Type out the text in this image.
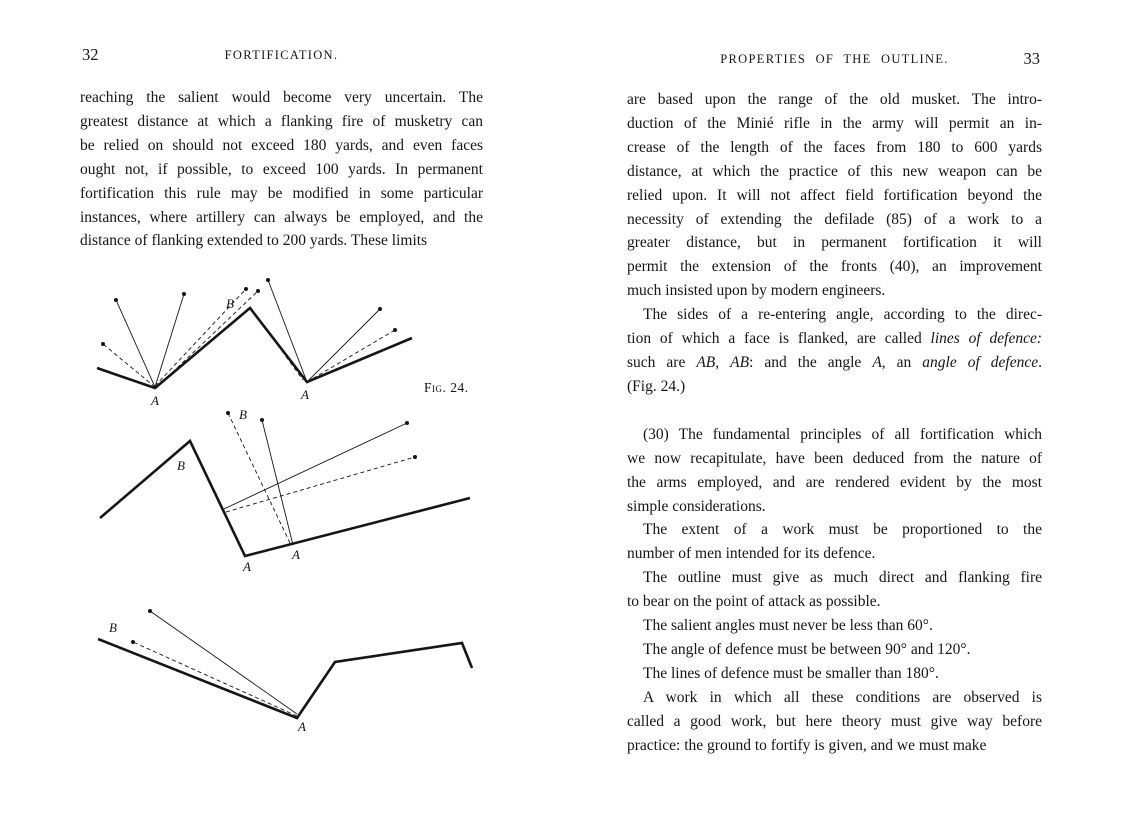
32	FORTIFICATION.
reaching the salient would become very uncertain. The
greatest distance at which a flanking fire of musketry can
be relied on should not exceed 180 yards, and even faces
ought not, if possible, to exceed 100 yards. In permanent
fortification this rule may be modified in some particular
instances, where artillery can always be employed, and the
distance of flanking extended to 200 yards. These limits
B
A	A
B
B
A
A
B
A
Fig. 24.
33
PROPERTIES OF THE OUTLINE.
are based upon the range of the old musket. The intro-
duction of the Minié rifle in the army will permit an in-
crease of the length of the faces from 180 to 600 yards
distance, at which the practice of this new weapon can be
relied upon. It will not affect field fortification beyond the
necessity of extending the defilade (85) of a work to a
greater distance, but in permanent fortification it will
permit the extension of the fronts (40), an improvement
much insisted upon by modern engineers.
The sides of a re-entering angle, according to the direc-
tion of which a face is flanked, are called lines of defence:
such are AB, AB: and the angle A, an angle of defence.
(Fig. 24.)
(30) The fundamental principles of all fortification which
we now recapitulate, have been deduced from the nature of
the arms employed, and are rendered evident by the most
simple considerations.
The extent of a work must be proportioned to the
number of men intended for its defence.
The outline must give as much direct and flanking fire
to bear on the point of attack as possible.
The salient angles must never be less than 60°.
The angle of defence must be between 90° and 120°.
The lines of defence must be smaller than 180°.
A work in which all these conditions are observed is
called a good work, but here theory must give way before
practice: the ground to fortify is given, and we must make
